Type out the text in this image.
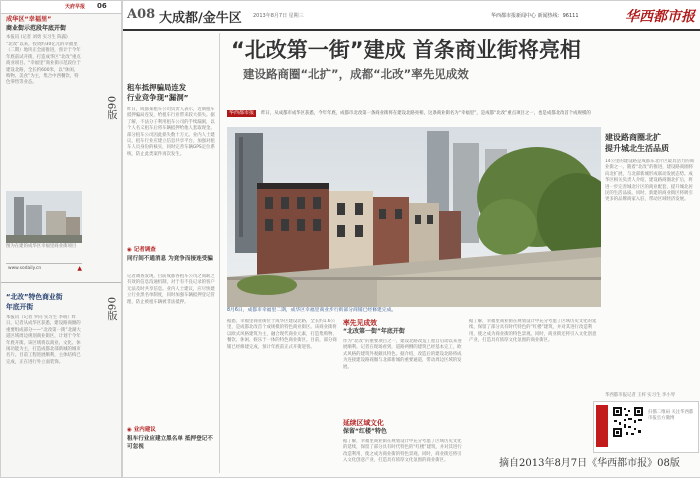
天府早报 06
成华区“幸福里”
商业街示范段年底开街
本报讯 (记者 刘勇 实习生 陈露)
“北改”以来，投资约30亿元的幸福里（二期）地块正全面推进，预计于今年年底前试开街，打造成华区“北改”重点商业项目。“幸福里”商业街示范段位于建设北路，全长约600米，以“休闲、购物、美食”为主，集合中西餐饮、特色零售等业态。
图为在建的成华区幸福里商业街项目
www.sodaily.cn	▲
06版
“北改”特色商业街
年底开街
本报讯（记者 罗向 实习生 李萌）昨日，记者从成华区获悉，建设路商圈的重要组成部分——“北改第一街”北湖大道区域周边规划商业街区，计划于今年年底开街。该区域将以商业、文化、休闲功能为主，打造成都北部新城的城市名片。目前工程进展顺利，主体结构已完成，正在进行外立面装饰。
06版
A08 大成都/金牛区 2013年8月7日 星期三	华西都市报新闻中心 新闻热线：96111	华西都市报
租车抵押骗局连发
行业竞争现“漏洞”
昨日，成都某租车公司负责人表示，近期租车抵押骗局连发，给租车行业带来较大损失。据了解，不法分子利用租车公司的手续漏洞，以个人名义租车后将车辆抵押给他人套取现金。部分租车公司因此损失数十万元。业内人士建议，租车行业应建立信息共享平台，加强对租车人员身份的核实，同时完善车辆GPS定位系统，防止此类案件再次发生。
◉ 记者调查
同行间不通消息 为竞争而接连受骗
记者调查发现，目前成都各租车公司之间缺乏有效的信息沟通机制，对于有不良记录的客户无法及时共享信息。业内人士建议，应尽快建立行业黑名单制度，同时加强车辆抵押登记管理，防止被租车辆被非法抵押。
◉ 业内建议
租车行业应建立黑名单 抵押登记不可忽视
“北改第一街”建成 首条商业街将亮相
建设路商圈“北扩”，成都“北改”率先见成效
华西都市报 昨日，从成都市成华区获悉，今年年底，成都市北改第一条商业街将在建设北路亮相，这条商业街名为“幸福里”，是成都“北改”重点项目之一，也是成都北改首个成规模的
8月6日，成都市幸福里二期，成华区幸福里商业步行街部分商铺已经修建完成。
据悉，幸福里商业街位于成华区建设北路，全长约1.6公里，是成都北改首个成规模的特色商业街区。该商业街将以欧式风格建筑为主，融合现代商业元素，打造集购物、餐饮、休闲、娱乐于一体的特色商业街区。目前，部分商铺已经修建完成，预计年底前正式开街迎客。
率先见成效
“北改第一街”年底开街
作为“北改”的重要项目之一，建设北路改造工程自启动以来进展顺利。记者在现场看到，道路两侧的建筑已经基本完工，欧式风格的建筑外观颇具特色。据介绍，改造后的建设北路将成为连接建设路商圈与北部新城的重要通道，带动周边区域的发展。
延续区域文化
保留“红楼”特色
据了解，幸福里商业街在规划设计中充分考虑了区域历史文化的延续，保留了部分具有时代特色的“红楼”建筑，并对其进行改造利用，使之成为商业街的特色景观。同时，商业街还将引入文化创意产业，打造具有浓厚文化氛围的商业街区。
据了解，幸福里商业街在规划设计中充分考虑了区域历史文化的延续，保留了部分具有时代特色的“红楼”建筑，并对其进行改造利用，使之成为商业街的特色景观。同时，商业街还将引入文化创意产业，打造具有浓厚文化氛围的商业街区。
建设路商圈北扩
提升城北生活品质
14公里的建设路是成都东北片区最具活力的商业街之一。随着“北改”的推进，建设路商圈将向北扩展，与北部新城形成联动发展态势。成华区相关负责人介绍，建设路商圈北扩后，将进一步完善城北片区的商业配套，提升城北居民的生活品质。同时，新建的商业街区将吸引更多的品牌商家入驻，带动区域经济发展。
华西都市报记者 王梓 实习生 李小琴
扫描二维码 关注华西都市报官方微博
摘自2013年8月7日《华西都市报》08版
